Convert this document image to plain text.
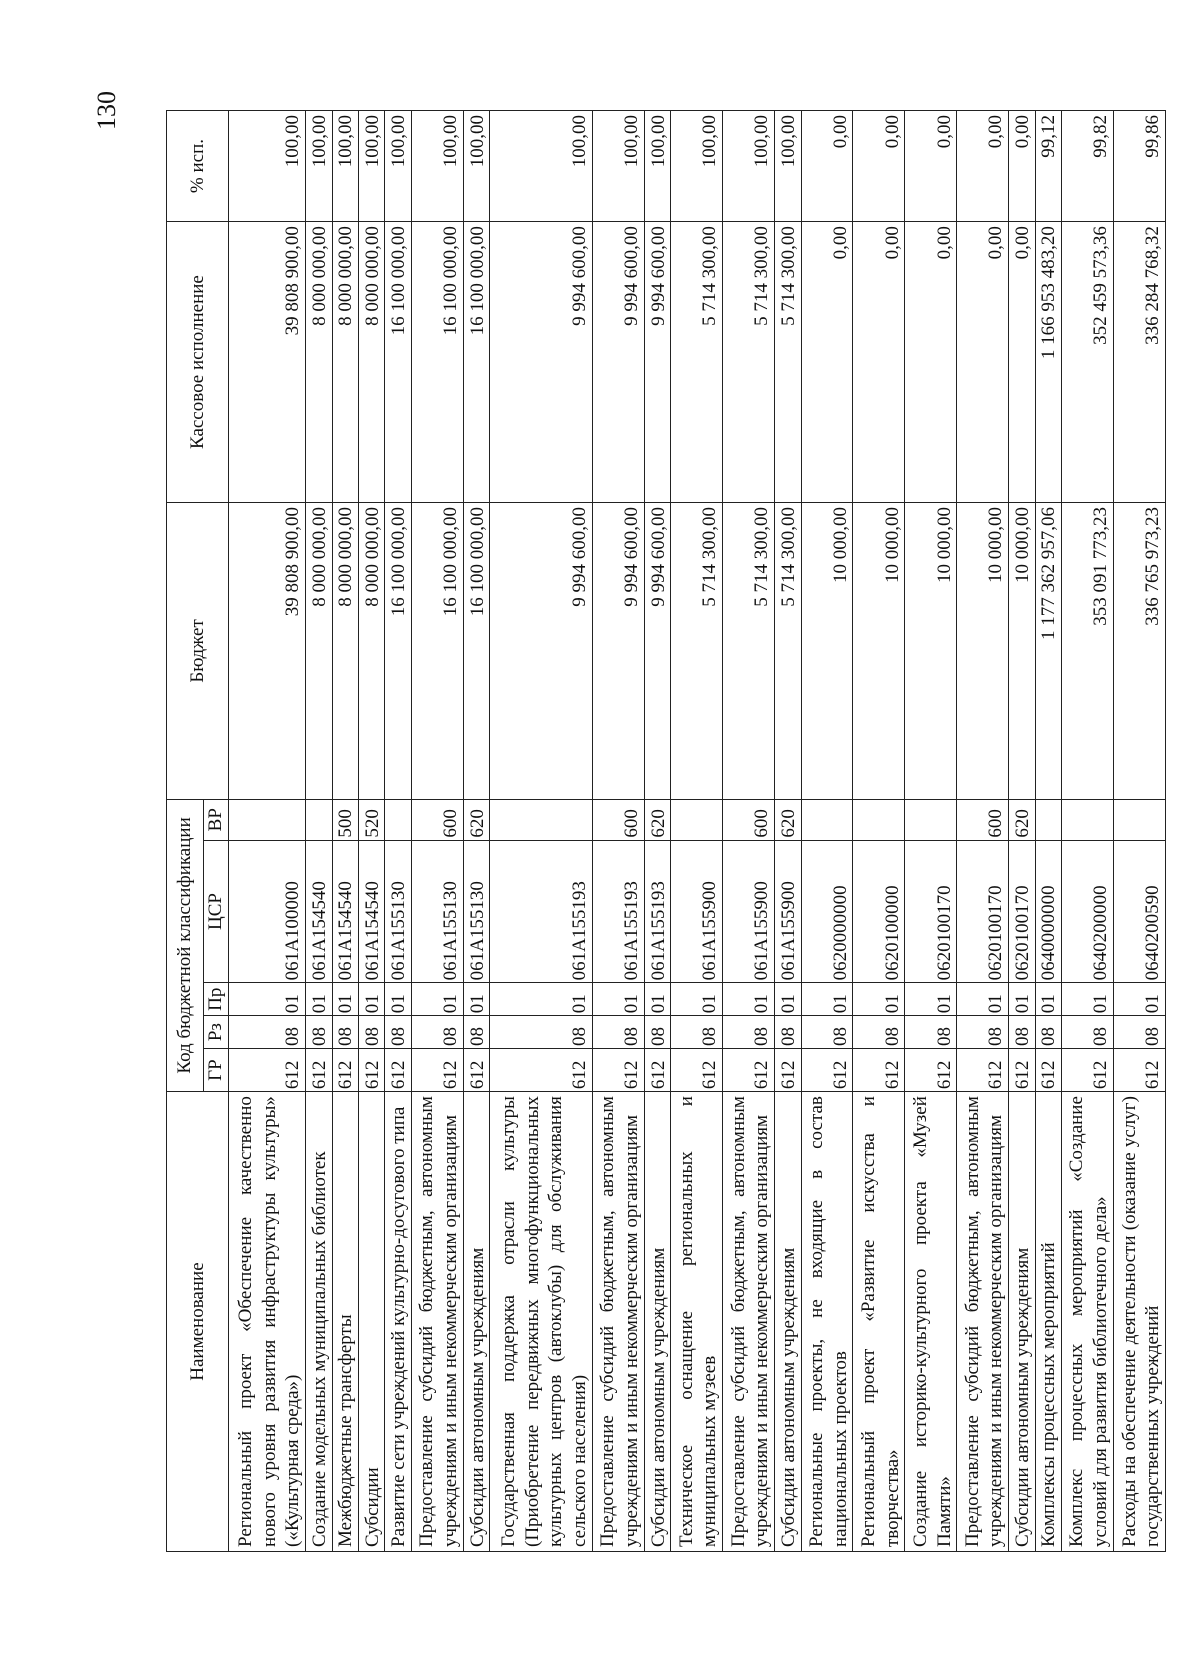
130
Наименование	Код бюджетной классификации					Бюджет	Кассовое исполнение	% исп.
	ГР	Рз	Пр	ЦСР	ВР			
Региональный проект «Обеспечение качественно нового уровня развития инфраструктуры культуры» («Культурная среда»)	612	08	01	061A100000		39 808 900,00	39 808 900,00	100,00
Создание модельных муниципальных библиотек	612	08	01	061A154540		8 000 000,00	8 000 000,00	100,00
Межбюджетные трансферты	612	08	01	061A154540	500	8 000 000,00	8 000 000,00	100,00
Субсидии	612	08	01	061A154540	520	8 000 000,00	8 000 000,00	100,00
Развитие сети учреждений культурно-досугового типа	612	08	01	061A155130		16 100 000,00	16 100 000,00	100,00
Предоставление субсидий бюджетным, автономным учреждениям и иным некоммерческим организациям	612	08	01	061A155130	600	16 100 000,00	16 100 000,00	100,00
Субсидии автономным учреждениям	612	08	01	061A155130	620	16 100 000,00	16 100 000,00	100,00
Государственная поддержка отрасли культуры (Приобретение передвижных многофункциональных культурных центров (автоклубы) для обслуживания сельского населения)	612	08	01	061A155193		9 994 600,00	9 994 600,00	100,00
Предоставление субсидий бюджетным, автономным учреждениям и иным некоммерческим организациям	612	08	01	061A155193	600	9 994 600,00	9 994 600,00	100,00
Субсидии автономным учреждениям	612	08	01	061A155193	620	9 994 600,00	9 994 600,00	100,00
Техническое оснащение региональных и муниципальных музеев	612	08	01	061A155900		5 714 300,00	5 714 300,00	100,00
Предоставление субсидий бюджетным, автономным учреждениям и иным некоммерческим организациям	612	08	01	061A155900	600	5 714 300,00	5 714 300,00	100,00
Субсидии автономным учреждениям	612	08	01	061A155900	620	5 714 300,00	5 714 300,00	100,00
Региональные проекты, не входящие в состав национальных проектов	612	08	01	0620000000		10 000,00	0,00	0,00
Региональный проект «Развитие искусства и творчества»	612	08	01	0620100000		10 000,00	0,00	0,00
Создание историко-культурного проекта «Музей Памяти»	612	08	01	0620100170		10 000,00	0,00	0,00
Предоставление субсидий бюджетным, автономным учреждениям и иным некоммерческим организациям	612	08	01	0620100170	600	10 000,00	0,00	0,00
Субсидии автономным учреждениям	612	08	01	0620100170	620	10 000,00	0,00	0,00
Комплексы процессных мероприятий	612	08	01	0640000000		1 177 362 957,06	1 166 953 483,20	99,12
Комплекс процессных мероприятий «Создание условий для развития библиотечного дела»	612	08	01	0640200000		353 091 773,23	352 459 573,36	99,82
Расходы на обеспечение деятельности (оказание услуг) государственных учреждений	612	08	01	0640200590		336 765 973,23	336 284 768,32	99,86
